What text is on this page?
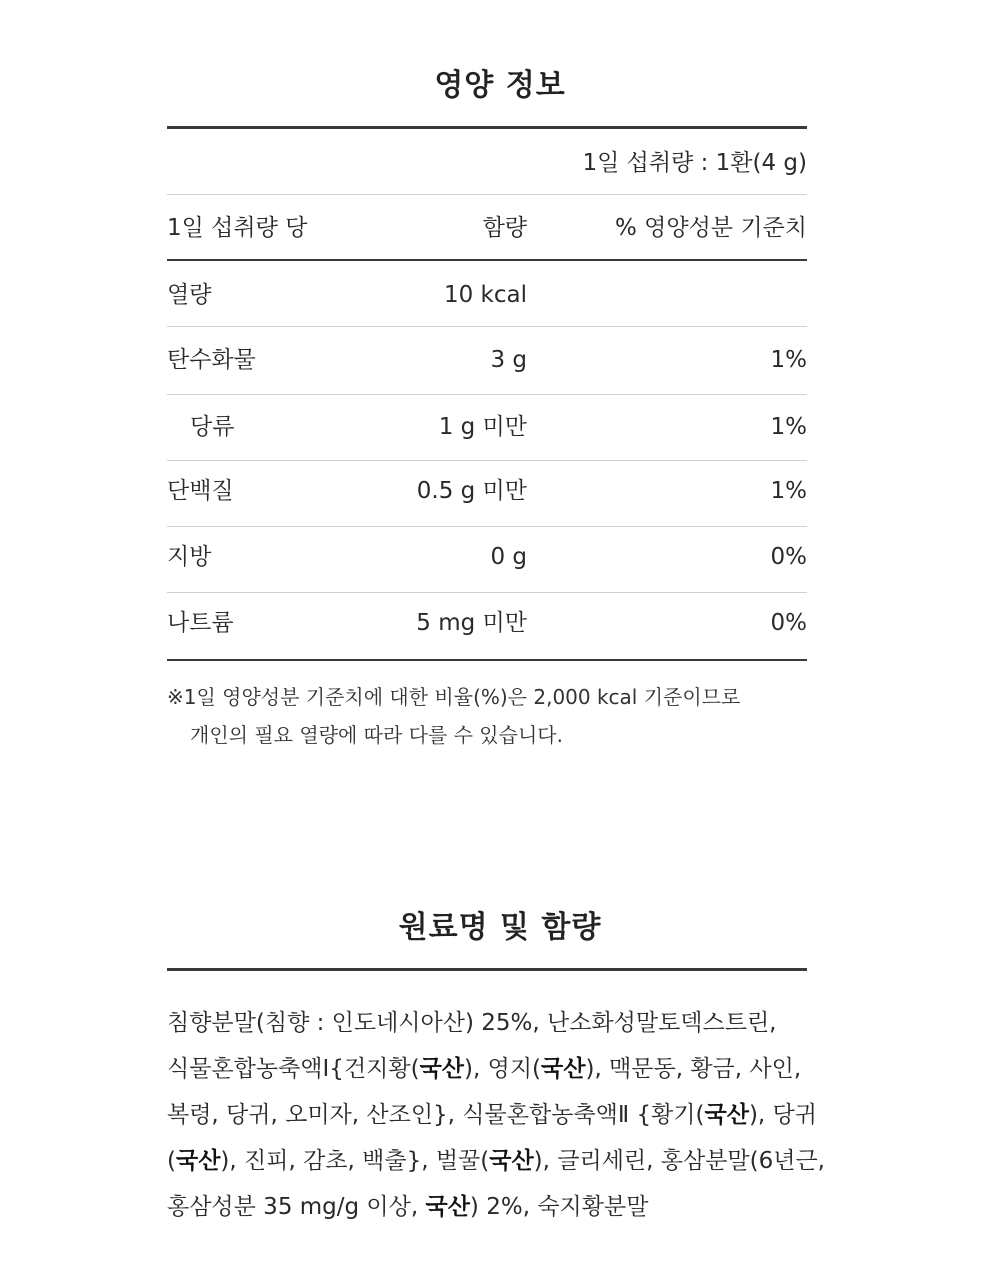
영양 정보
1일 섭취량 : 1환(4 g)
1일 섭취량 당	함량	% 영양성분 기준치
열량	10 kcal
탄수화물	3 g	1%
당류	1 g 미만	1%
단백질	0.5 g 미만	1%
지방	0 g	0%
나트륨	5 mg 미만	0%
※1일 영양성분 기준치에 대한 비율(%)은 2,000 kcal 기준이므로
개인의 필요 열량에 따라 다를 수 있습니다.
원료명 및 함량
침향분말(침향 : 인도네시아산) 25%, 난소화성말토덱스트린,
식물혼합농축액Ⅰ{건지황(국산), 영지(국산), 맥문동, 황금, 사인,
복령, 당귀, 오미자, 산조인}, 식물혼합농축액Ⅱ {황기(국산), 당귀
(국산), 진피, 감초, 백출}, 벌꿀(국산), 글리세린, 홍삼분말(6년근,
홍삼성분 35 mg/g 이상, 국산) 2%, 숙지황분말
